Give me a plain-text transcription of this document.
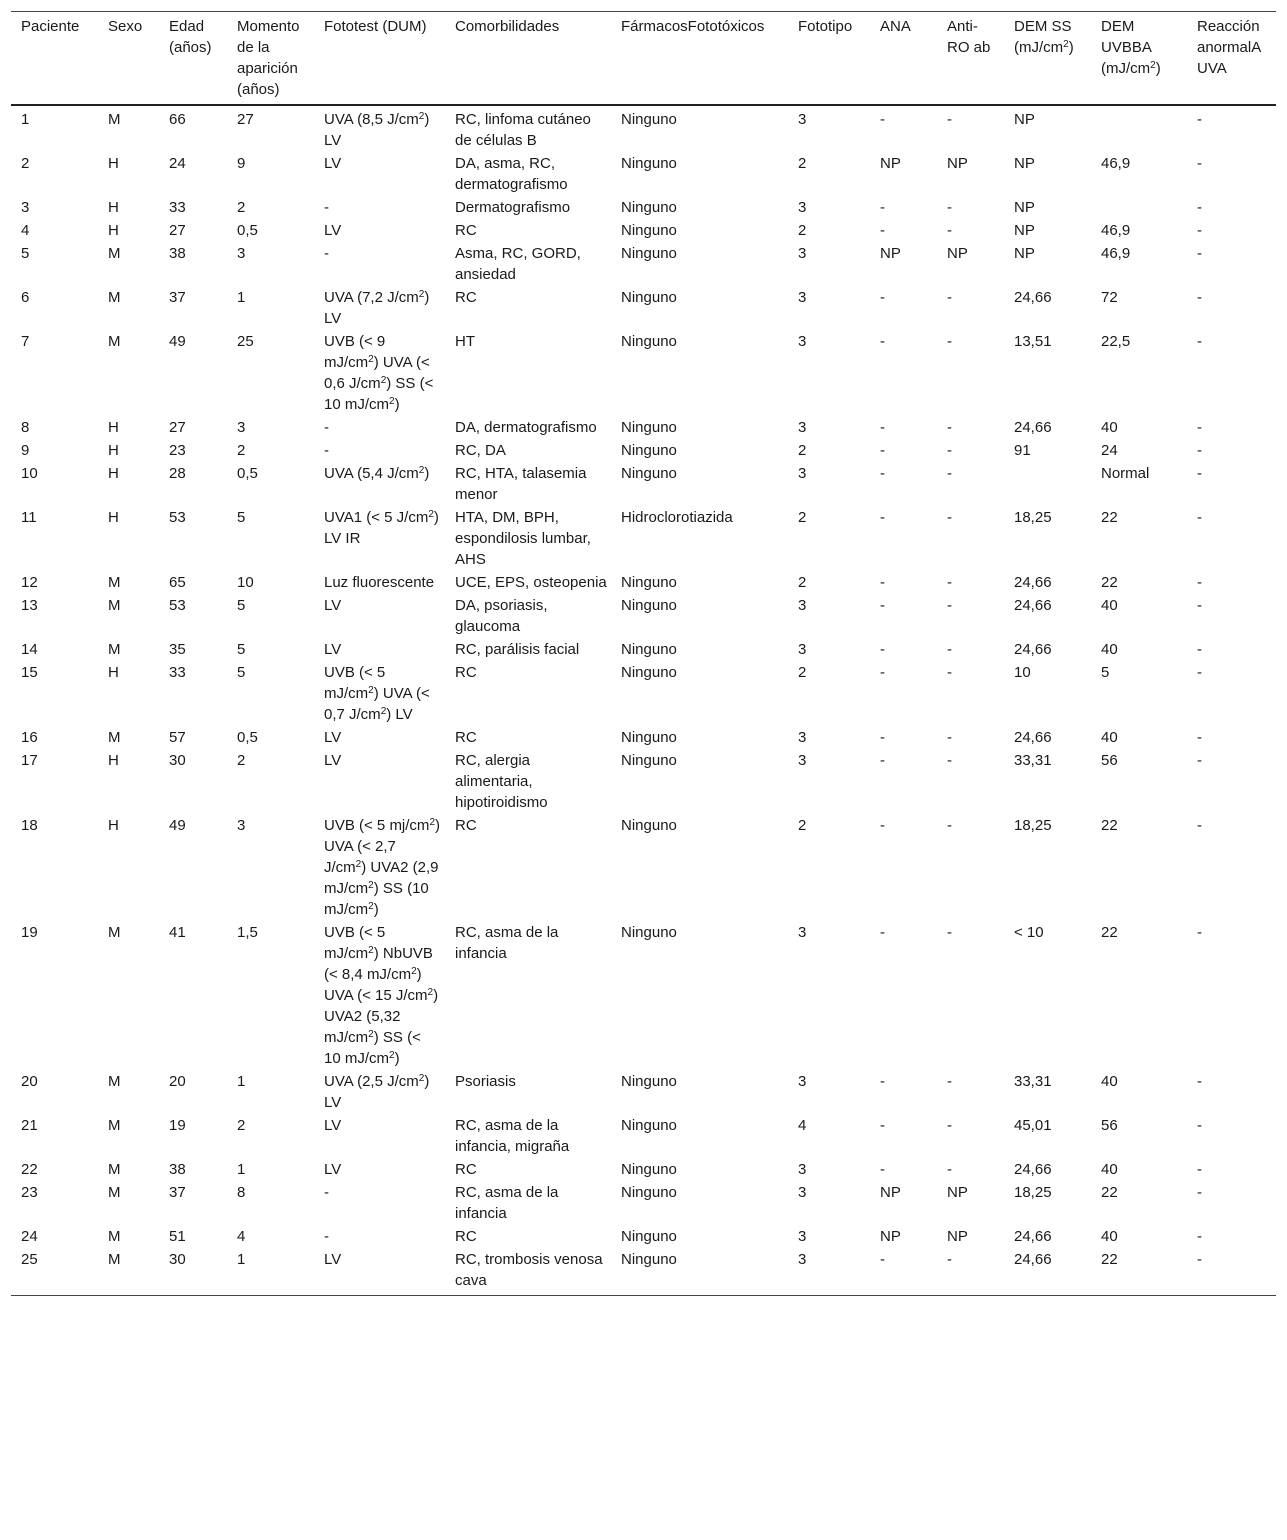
Paciente	Sexo	Edad (años)	Momento de la aparición (años)	Fototest (DUM)	Comorbilidades	FármacosFototóxicos	Fototipo	ANA	Anti-RO ab	DEM SS $(mJ/cm^2)$	DEM UVBBA $(mJ/cm^2)$	Reacción anormalA UVA
1	M	66	27	UVA (8,5 $J/cm^2$) LV	RC, linfoma cutáneo de células B	Ninguno	3	-	-	NP		-
2	H	24	9	LV	DA, asma, RC, dermatografismo	Ninguno	2	NP	NP	NP	46,9	-
3	H	33	2	-	Dermatografismo	Ninguno	3	-	-	NP		-
4	H	27	0,5	LV	RC	Ninguno	2	-	-	NP	46,9	-
5	M	38	3	-	Asma, RC, GORD, ansiedad	Ninguno	3	NP	NP	NP	46,9	-
6	M	37	1	UVA (7,2 $J/cm^2$) LV	RC	Ninguno	3	-	-	24,66	72	-
7	M	49	25	UVB (< 9 $mJ/cm^2$) UVA (< 0,6 $J/cm^2$) SS (< 10 $mJ/cm^2$)	HT	Ninguno	3	-	-	13,51	22,5	-
8	H	27	3	-	DA, dermatografismo	Ninguno	3	-	-	24,66	40	-
9	H	23	2	-	RC, DA	Ninguno	2	-	-	91	24	-
10	H	28	0,5	UVA (5,4 $J/cm^2$)	RC, HTA, talasemia menor	Ninguno	3	-	-		Normal	-
11	H	53	5	UVA1 (< 5 $J/cm^2$) LV IR	HTA, DM, BPH, espondilosis lumbar, AHS	Hidroclorotiazida	2	-	-	18,25	22	-
12	M	65	10	Luz fluorescente	UCE, EPS, osteopenia	Ninguno	2	-	-	24,66	22	-
13	M	53	5	LV	DA, psoriasis, glaucoma	Ninguno	3	-	-	24,66	40	-
14	M	35	5	LV	RC, parálisis facial	Ninguno	3	-	-	24,66	40	-
15	H	33	5	UVB (< 5 $mJ/cm^2$) UVA (< 0,7 $J/cm^2$) LV	RC	Ninguno	2	-	-	10	5	-
16	M	57	0,5	LV	RC	Ninguno	3	-	-	24,66	40	-
17	H	30	2	LV	RC, alergia alimentaria, hipotiroidismo	Ninguno	3	-	-	33,31	56	-
18	H	49	3	UVB (< 5 $mj/cm^2$) UVA (< 2,7 $J/cm^2$) UVA2 (2,9 $mJ/cm^2$) SS (10 $mJ/cm^2$)	RC	Ninguno	2	-	-	18,25	22	-
19	M	41	1,5	UVB (< 5 $mJ/cm^2$) NbUVB (< 8,4 $mJ/cm^2$) UVA (< 15 $J/cm^2$) UVA2 (5,32 $mJ/cm^2$) SS (< 10 $mJ/cm^2$)	RC, asma de la infancia	Ninguno	3	-	-	< 10	22	-
20	M	20	1	UVA (2,5 $J/cm^2$) LV	Psoriasis	Ninguno	3	-	-	33,31	40	-
21	M	19	2	LV	RC, asma de la infancia, migraña	Ninguno	4	-	-	45,01	56	-
22	M	38	1	LV	RC	Ninguno	3	-	-	24,66	40	-
23	M	37	8	-	RC, asma de la infancia	Ninguno	3	NP	NP	18,25	22	-
24	M	51	4	-	RC	Ninguno	3	NP	NP	24,66	40	-
25	M	30	1	LV	RC, trombosis venosa cava	Ninguno	3	-	-	24,66	22	-
